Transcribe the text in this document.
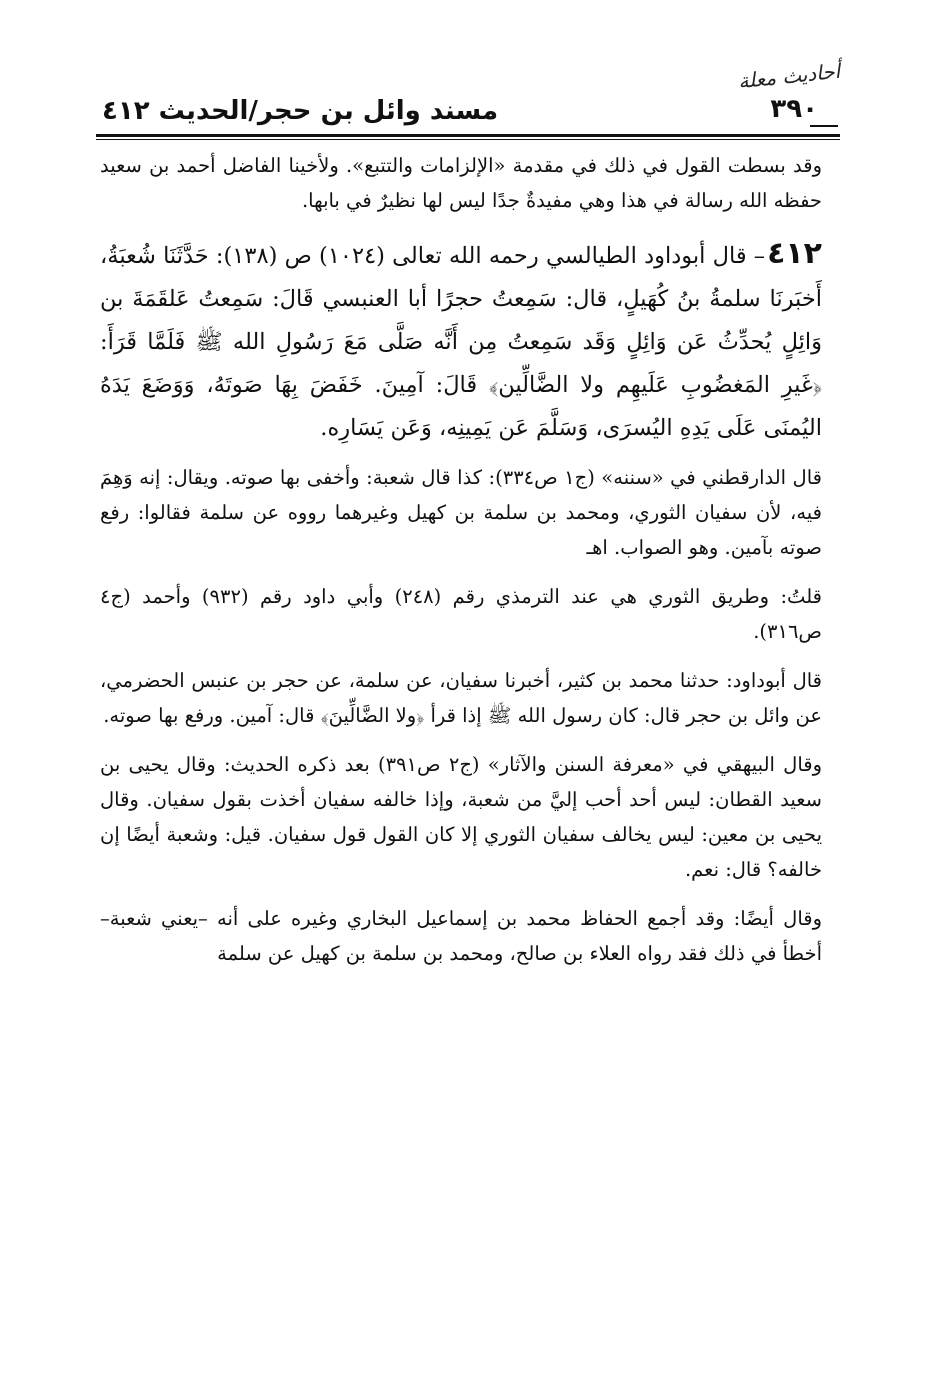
أحاديث معلة
٣٩٠
مسند وائل بن حجر/الحديث ٤١٢

وقد بسطت القول في ذلك في مقدمة «الإلزامات والتتبع». ولأخينا الفاضل أحمد بن سعيد حفظه الله رسالة في هذا وهي مفيدةٌ جدًا ليس لها نظيرٌ في بابها.

٤١٢– قال أبوداود الطيالسي رحمه الله تعالى (١٠٢٤) ص (١٣٨): حَدَّثَنَا شُعبَةُ، أَخبَرنَا سلمةُ بنُ كُهَيلٍ، قال: سَمِعتُ حجرًا أبا العنبسي قَالَ: سَمِعتُ عَلقَمَةَ بن وَائِلٍ يُحدِّثُ عَن وَائِلٍ وَقَد سَمِعتُ مِن أَنَّه صَلَّى مَعَ رَسُولِ الله ﷺ فَلَمَّا قَرَأَ: ﴿غَيرِ المَغضُوبِ عَلَيهِم ولا الضَّالِّين﴾ قَالَ: آمِينَ. خَفَضَ بِهَا صَوتَهُ، وَوَضَعَ يَدَهُ اليُمنَى عَلَى يَدِهِ اليُسرَى، وَسَلَّمَ عَن يَمِينِه، وَعَن يَسَارِه.

قال الدارقطني في «سننه» (ج١ ص٣٣٤): كذا قال شعبة: وأخفى بها صوته. ويقال: إنه وَهِمَ فيه، لأن سفيان الثوري، ومحمد بن سلمة بن كهيل وغيرهما رووه عن سلمة فقالوا: رفع صوته بآمين. وهو الصواب. اهـ

قلتُ: وطريق الثوري هي عند الترمذي رقم (٢٤٨) وأبي داود رقم (٩٣٢) وأحمد (ج٤ ص٣١٦).

قال أبوداود: حدثنا محمد بن كثير، أخبرنا سفيان، عن سلمة، عن حجر بن عنبس الحضرمي، عن وائل بن حجر قال: كان رسول الله ﷺ إذا قرأ ﴿ولا الضَّالِّينَ﴾ قال: آمين. ورفع بها صوته.

وقال البيهقي في «معرفة السنن والآثار» (ج٢ ص٣٩١) بعد ذكره الحديث: وقال يحيى بن سعيد القطان: ليس أحد أحب إليَّ من شعبة، وإذا خالفه سفيان أخذت بقول سفيان. وقال يحيى بن معين: ليس يخالف سفيان الثوري إلا كان القول قول سفيان. قيل: وشعبة أيضًا إن خالفه؟ قال: نعم.

وقال أيضًا: وقد أجمع الحفاظ محمد بن إسماعيل البخاري وغيره على أنه –يعني شعبة– أخطأ في ذلك فقد رواه العلاء بن صالح، ومحمد بن سلمة بن كهيل عن سلمة
